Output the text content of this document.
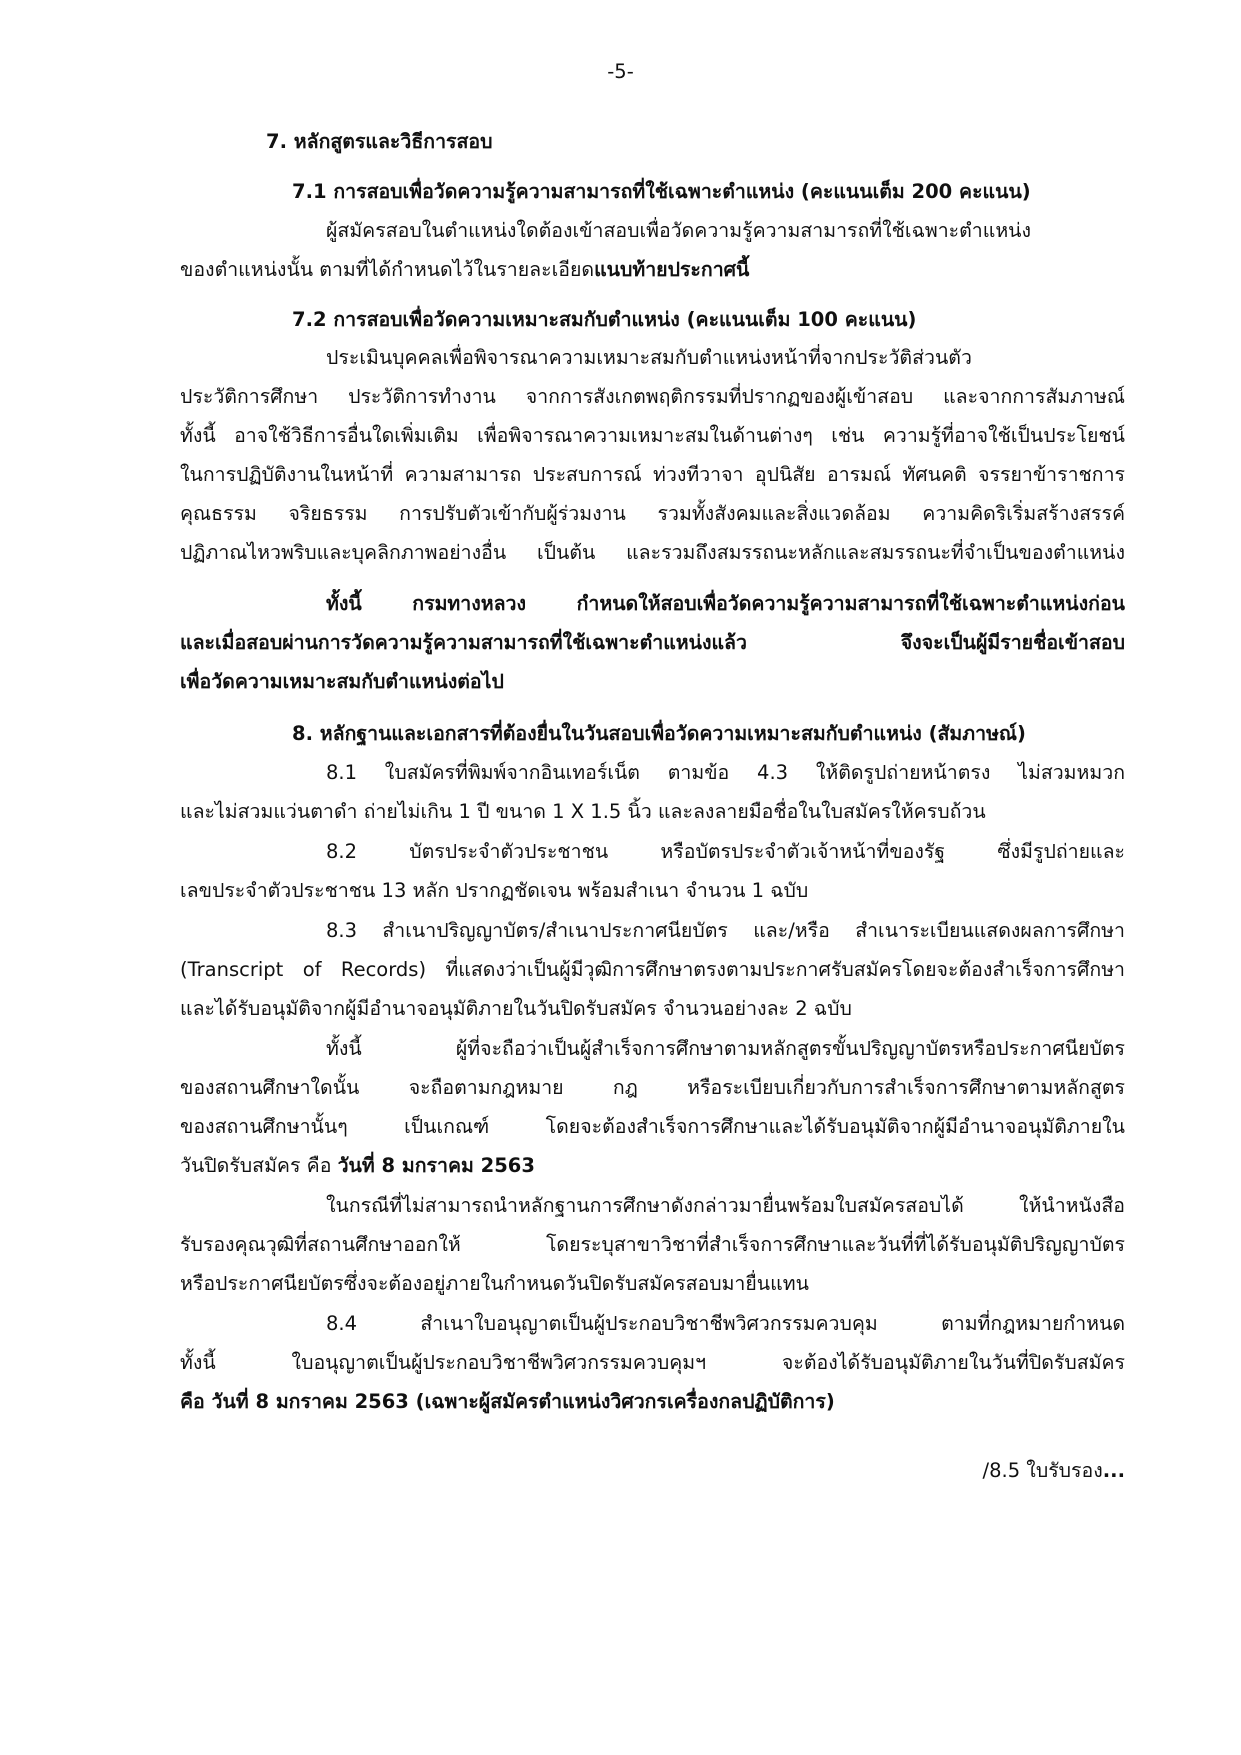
-5-
7. หลักสูตรและวิธีการสอบ
7.1 การสอบเพื่อวัดความรู้ความสามารถที่ใช้เฉพาะตำแหน่ง (คะแนนเต็ม 200 คะแนน)
ผู้สมัครสอบในตำแหน่งใดต้องเข้าสอบเพื่อวัดความรู้ความสามารถที่ใช้เฉพาะตำแหน่ง
ของตำแหน่งนั้น ตามที่ได้กำหนดไว้ในรายละเอียดแนบท้ายประกาศนี้
7.2 การสอบเพื่อวัดความเหมาะสมกับตำแหน่ง (คะแนนเต็ม 100 คะแนน)
ประเมินบุคคลเพื่อพิจารณาความเหมาะสมกับตำแหน่งหน้าที่จากประวัติส่วนตัว
ประวัติการศึกษา ประวัติการทำงาน จากการสังเกตพฤติกรรมที่ปรากฏของผู้เข้าสอบ และจากการสัมภาษณ์
ทั้งนี้ อาจใช้วิธีการอื่นใดเพิ่มเติม เพื่อพิจารณาความเหมาะสมในด้านต่างๆ เช่น ความรู้ที่อาจใช้เป็นประโยชน์
ในการปฏิบัติงานในหน้าที่ ความสามารถ ประสบการณ์ ท่วงทีวาจา อุปนิสัย อารมณ์ ทัศนคติ จรรยาข้าราชการ
คุณธรรม จริยธรรม การปรับตัวเข้ากับผู้ร่วมงาน รวมทั้งสังคมและสิ่งแวดล้อม ความคิดริเริ่มสร้างสรรค์
ปฏิภาณไหวพริบและบุคลิกภาพอย่างอื่น เป็นต้น และรวมถึงสมรรถนะหลักและสมรรถนะที่จำเป็นของตำแหน่ง
ทั้งนี้ กรมทางหลวง กำหนดให้สอบเพื่อวัดความรู้ความสามารถที่ใช้เฉพาะตำแหน่งก่อน
และเมื่อสอบผ่านการวัดความรู้ความสามารถที่ใช้เฉพาะตำแหน่งแล้ว จึงจะเป็นผู้มีรายชื่อเข้าสอบ
เพื่อวัดความเหมาะสมกับตำแหน่งต่อไป
8. หลักฐานและเอกสารที่ต้องยื่นในวันสอบเพื่อวัดความเหมาะสมกับตำแหน่ง (สัมภาษณ์)
8.1 ใบสมัครที่พิมพ์จากอินเทอร์เน็ต ตามข้อ 4.3 ให้ติดรูปถ่ายหน้าตรง ไม่สวมหมวก
และไม่สวมแว่นตาดำ ถ่ายไม่เกิน 1 ปี ขนาด 1 X 1.5 นิ้ว และลงลายมือชื่อในใบสมัครให้ครบถ้วน
8.2 บัตรประจำตัวประชาชน หรือบัตรประจำตัวเจ้าหน้าที่ของรัฐ ซึ่งมีรูปถ่ายและ
เลขประจำตัวประชาชน 13 หลัก ปรากฏชัดเจน พร้อมสำเนา จำนวน 1 ฉบับ
8.3 สำเนาปริญญาบัตร/สำเนาประกาศนียบัตร และ/หรือ สำเนาระเบียนแสดงผลการศึกษา
(Transcript of Records) ที่แสดงว่าเป็นผู้มีวุฒิการศึกษาตรงตามประกาศรับสมัครโดยจะต้องสำเร็จการศึกษา
และได้รับอนุมัติจากผู้มีอำนาจอนุมัติภายในวันปิดรับสมัคร จำนวนอย่างละ 2 ฉบับ
ทั้งนี้ ผู้ที่จะถือว่าเป็นผู้สำเร็จการศึกษาตามหลักสูตรขั้นปริญญาบัตรหรือประกาศนียบัตร
ของสถานศึกษาใดนั้น จะถือตามกฎหมาย กฎ หรือระเบียบเกี่ยวกับการสำเร็จการศึกษาตามหลักสูตร
ของสถานศึกษานั้นๆ เป็นเกณฑ์ โดยจะต้องสำเร็จการศึกษาและได้รับอนุมัติจากผู้มีอำนาจอนุมัติภายใน
วันปิดรับสมัคร คือ วันที่ 8 มกราคม 2563
ในกรณีที่ไม่สามารถนำหลักฐานการศึกษาดังกล่าวมายื่นพร้อมใบสมัครสอบได้ ให้นำหนังสือ
รับรองคุณวุฒิที่สถานศึกษาออกให้ โดยระบุสาขาวิชาที่สำเร็จการศึกษาและวันที่ที่ได้รับอนุมัติปริญญาบัตร
หรือประกาศนียบัตรซึ่งจะต้องอยู่ภายในกำหนดวันปิดรับสมัครสอบมายื่นแทน
8.4 สำเนาใบอนุญาตเป็นผู้ประกอบวิชาชีพวิศวกรรมควบคุม ตามที่กฎหมายกำหนด
ทั้งนี้ ใบอนุญาตเป็นผู้ประกอบวิชาชีพวิศวกรรมควบคุมฯ จะต้องได้รับอนุมัติภายในวันที่ปิดรับสมัคร
คือ วันที่ 8 มกราคม 2563 (เฉพาะผู้สมัครตำแหน่งวิศวกรเครื่องกลปฏิบัติการ)
/8.5 ใบรับรอง...
